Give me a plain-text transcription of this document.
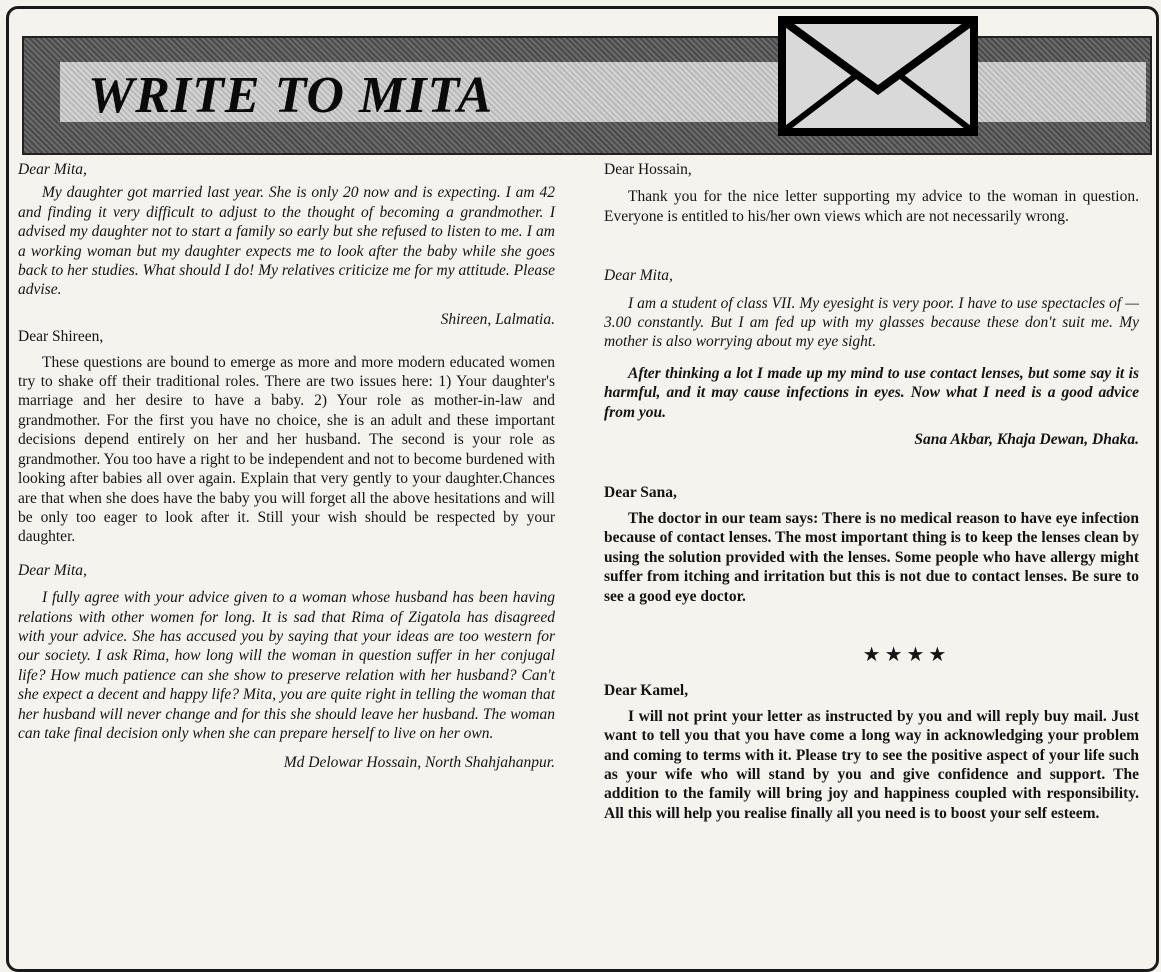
WRITE TO MITA

Dear Mita,

My daughter got married last year. She is only 20 now and is expecting. I am 42 and finding it very difficult to adjust to the thought of becoming a grandmother. I advised my daughter not to start a family so early but she refused to listen to me. I am a working woman but my daughter expects me to look after the baby while she goes back to her studies. What should I do! My relatives criticize me for my attitude. Please advise.

Shireen, Lalmatia.

Dear Shireen,

These questions are bound to emerge as more and more modern educated women try to shake off their traditional roles. There are two issues here: 1) Your daughter's marriage and her desire to have a baby. 2) Your role as mother-in-law and grandmother. For the first you have no choice, she is an adult and these important decisions depend entirely on her and her husband. The second is your role as grandmother. You too have a right to be independent and not to become burdened with looking after babies all over again. Explain that very gently to your daughter.Chances are that when she does have the baby you will forget all the above hesitations and will be only too eager to look after it. Still your wish should be respected by your daughter.

Dear Mita,

I fully agree with your advice given to a woman whose husband has been having relations with other women for long. It is sad that Rima of Zigatola has disagreed with your advice. She has accused you by saying that your ideas are too western for our society. I ask Rima, how long will the woman in question suffer in her conjugal life? How much patience can she show to preserve relation with her husband? Can't she expect a decent and happy life? Mita, you are quite right in telling the woman that her husband will never change and for this she should leave her husband. The woman can take final decision only when she can prepare herself to live on her own.

Md Delowar Hossain, North Shahjahanpur.

Dear Hossain,

Thank you for the nice letter supporting my advice to the woman in question. Everyone is entitled to his/her own views which are not necessarily wrong.

Dear Mita,

I am a student of class VII. My eyesight is very poor. I have to use spectacles of — 3.00 constantly. But I am fed up with my glasses because these don't suit me. My mother is also worrying about my eye sight.

After thinking a lot I made up my mind to use contact lenses, but some say it is harmful, and it may cause infections in eyes. Now what I need is a good advice from you.

Sana Akbar, Khaja Dewan, Dhaka.

Dear Sana,

The doctor in our team says: There is no medical reason to have eye infection because of contact lenses. The most important thing is to keep the lenses clean by using the solution provided with the lenses. Some people who have allergy might suffer from itching and irritation but this is not due to contact lenses. Be sure to see a good eye doctor.

★★★★

Dear Kamel,

I will not print your letter as instructed by you and will reply buy mail. Just want to tell you that you have come a long way in acknowledging your problem and coming to terms with it. Please try to see the positive aspect of your life such as your wife who will stand by you and give confidence and support. The addition to the family will bring joy and happiness coupled with responsibility. All this will help you realise finally all you need is to boost your self esteem.
